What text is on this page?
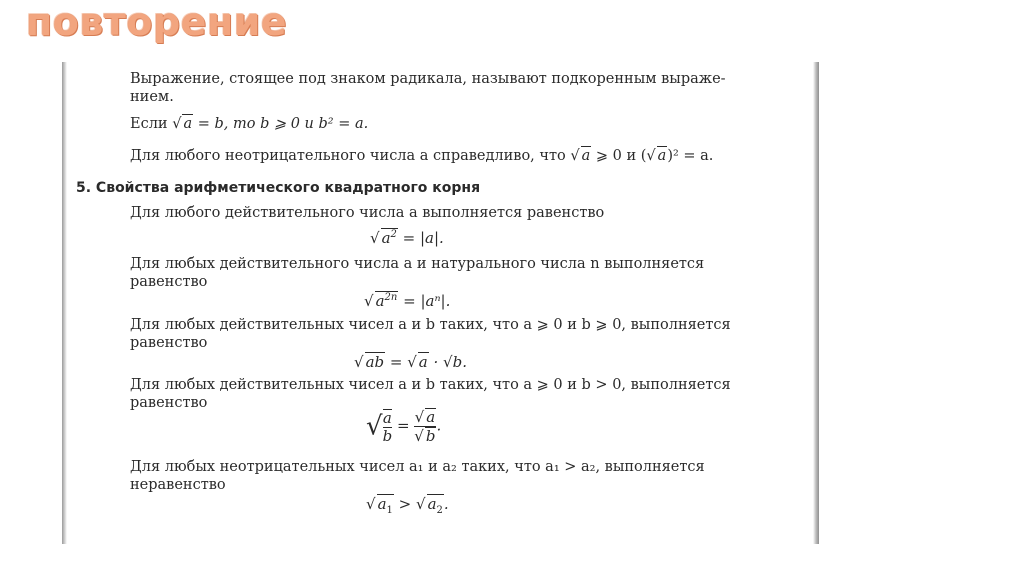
повторение
Выражение, стоящее под знаком радикала, называют подкоренным выраже-
нием.
Если √ a = b, то b ⩾ 0 и b² = a.
Для любого неотрицательного числа a справедливо, что √ a ⩾ 0 и (√ a)² = a.
5. Свойства арифметического квадратного корня
Для любого действительного числа a выполняется равенство
√ $a^2 = |a|$.
Для любых действительного числа a и натурального числа n выполняется
равенство
√ $a^{2n} = |a^n|$.
Для любых действительных чисел a и b таких, что a ⩾ 0 и b ⩾ 0, выполняется
равенство
√ ab = √ a · √b.
Для любых действительных чисел a и b таких, что a ⩾ 0 и b > 0, выполняется
равенство
√ $\frac{a}{b} = \frac{√ a}{√ b}$ .
Для любых неотрицательных чисел a₁ и a₂ таких, что a₁ > a₂, выполняется
неравенство
√ $a_1$ > √ $a_2$.
